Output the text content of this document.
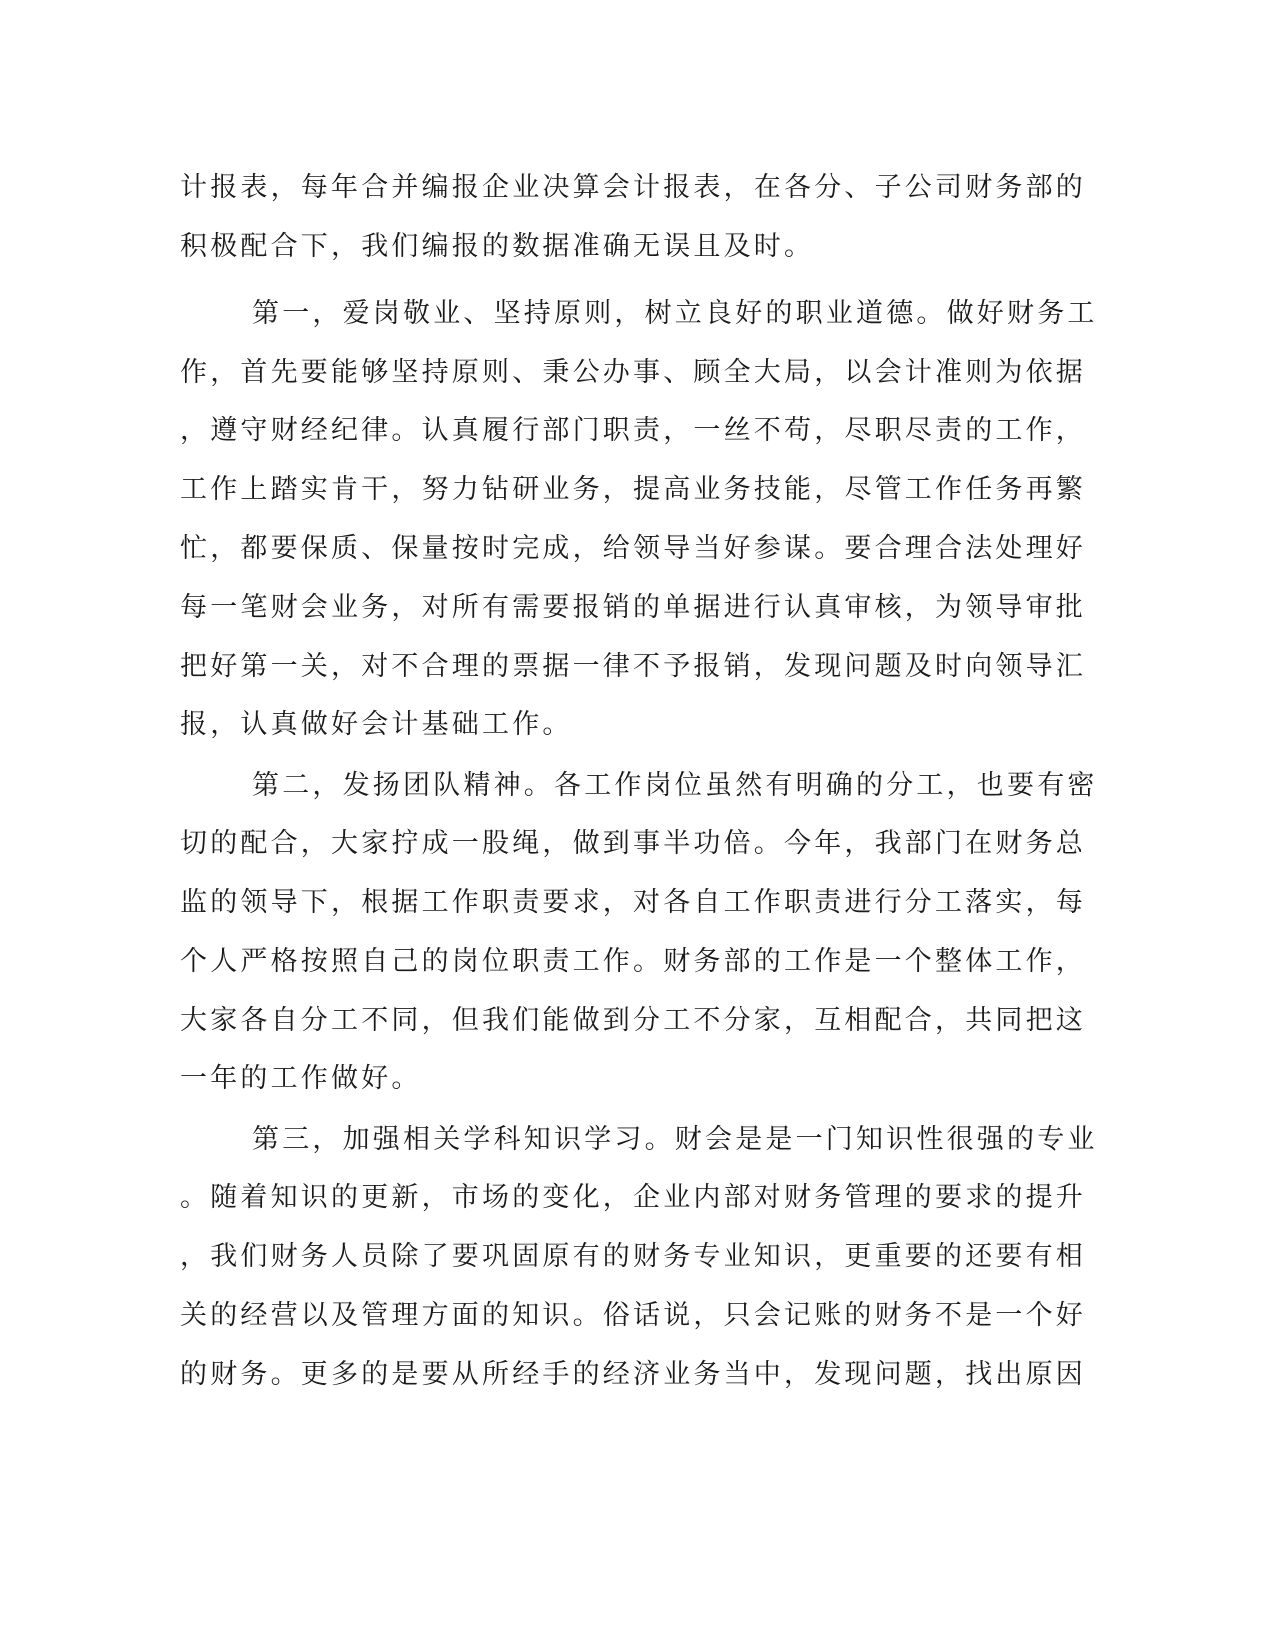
计报表，每年合并编报企业决算会计报表，在各分、子公司财务部的
积极配合下，我们编报的数据准确无误且及时。
第一，爱岗敬业、坚持原则，树立良好的职业道德。做好财务工
作，首先要能够坚持原则、秉公办事、顾全大局，以会计准则为依据
，遵守财经纪律。认真履行部门职责，一丝不苟，尽职尽责的工作，
工作上踏实肯干，努力钻研业务，提高业务技能，尽管工作任务再繁
忙，都要保质、保量按时完成，给领导当好参谋。要合理合法处理好
每一笔财会业务，对所有需要报销的单据进行认真审核，为领导审批
把好第一关，对不合理的票据一律不予报销，发现问题及时向领导汇
报，认真做好会计基础工作。
第二，发扬团队精神。各工作岗位虽然有明确的分工，也要有密
切的配合，大家拧成一股绳，做到事半功倍。今年，我部门在财务总
监的领导下，根据工作职责要求，对各自工作职责进行分工落实，每
个人严格按照自己的岗位职责工作。财务部的工作是一个整体工作，
大家各自分工不同，但我们能做到分工不分家，互相配合，共同把这
一年的工作做好。
第三，加强相关学科知识学习。财会是是一门知识性很强的专业
。随着知识的更新，市场的变化，企业内部对财务管理的要求的提升
，我们财务人员除了要巩固原有的财务专业知识，更重要的还要有相
关的经营以及管理方面的知识。俗话说，只会记账的财务不是一个好
的财务。更多的是要从所经手的经济业务当中，发现问题，找出原因
